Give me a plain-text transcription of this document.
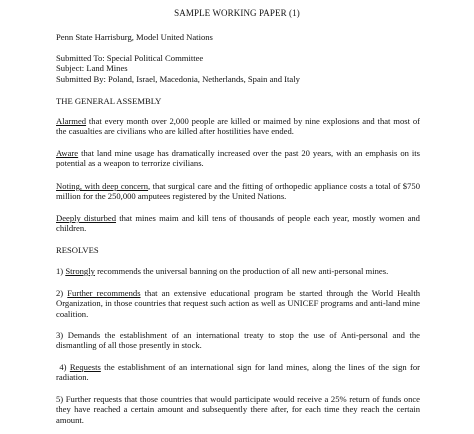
SAMPLE WORKING PAPER (1)
Penn State Harrisburg, Model United Nations
Submitted To: Special Political Committee
Subject: Land Mines
Submitted By: Poland, Israel, Macedonia, Netherlands, Spain and Italy
THE GENERAL ASSEMBLY
Alarmed that every month over 2,000 people are killed or maimed by nine explosions and that most of the casualties are civilians who are killed after hostilities have ended.
Aware that land mine usage has dramatically increased over the past 20 years, with an emphasis on its potential as a weapon to terrorize civilians.
Noting, with deep concern, that surgical care and the fitting of orthopedic appliance costs a total of $750 million for the 250,000 amputees registered by the United Nations.
Deeply disturbed that mines maim and kill tens of thousands of people each year, mostly women and children.
RESOLVES
1) Strongly recommends the universal banning on the production of all new anti-personal mines.
2) Further recommends that an extensive educational program be started through the World Health Organization, in those countries that request such action as well as UNICEF programs and anti-land mine coalition.
3) Demands the establishment of an international treaty to stop the use of Anti-personal and the dismantling of all those presently in stock.
4) Requests the establishment of an international sign for land mines, along the lines of the sign for radiation.
5) Further requests that those countries that would participate would receive a 25% return of funds once they have reached a certain amount and subsequently there after, for each time they reach the certain amount.
